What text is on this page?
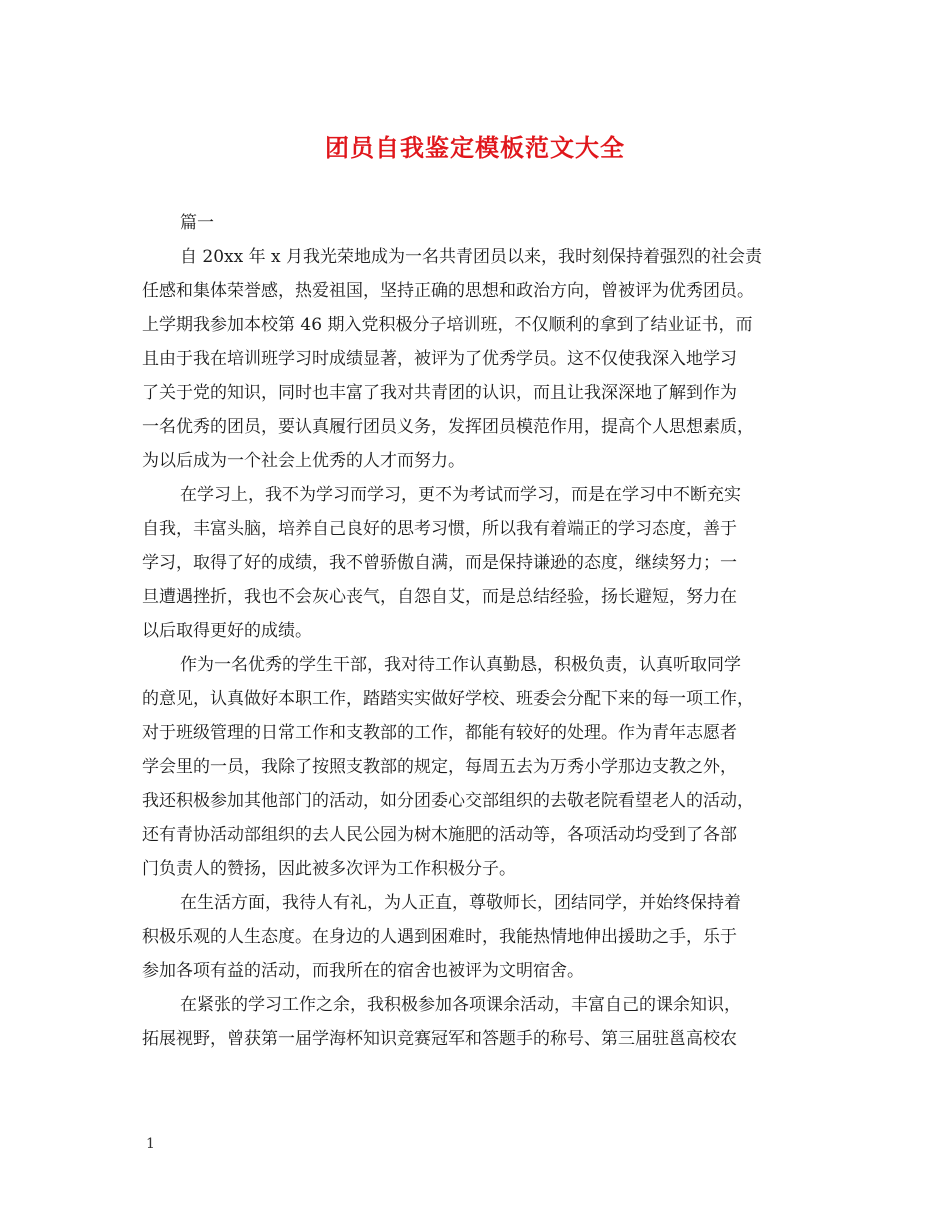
团员自我鉴定模板范文大全
篇一
自 20xx 年 x 月我光荣地成为一名共青团员以来，我时刻保持着强烈的社会责
任感和集体荣誉感，热爱祖国，坚持正确的思想和政治方向，曾被评为优秀团员。
上学期我参加本校第 46 期入党积极分子培训班，不仅顺利的拿到了结业证书，而
且由于我在培训班学习时成绩显著，被评为了优秀学员。这不仅使我深入地学习
了关于党的知识，同时也丰富了我对共青团的认识，而且让我深深地了解到作为
一名优秀的团员，要认真履行团员义务，发挥团员模范作用，提高个人思想素质，
为以后成为一个社会上优秀的人才而努力。
在学习上，我不为学习而学习，更不为考试而学习，而是在学习中不断充实
自我，丰富头脑，培养自己良好的思考习惯，所以我有着端正的学习态度，善于
学习，取得了好的成绩，我不曾骄傲自满，而是保持谦逊的态度，继续努力；一
旦遭遇挫折，我也不会灰心丧气，自怨自艾，而是总结经验，扬长避短，努力在
以后取得更好的成绩。
作为一名优秀的学生干部，我对待工作认真勤恳，积极负责，认真听取同学
的意见，认真做好本职工作，踏踏实实做好学校、班委会分配下来的每一项工作，
对于班级管理的日常工作和支教部的工作，都能有较好的处理。作为青年志愿者
学会里的一员，我除了按照支教部的规定，每周五去为万秀小学那边支教之外，
我还积极参加其他部门的活动，如分团委心交部组织的去敬老院看望老人的活动，
还有青协活动部组织的去人民公园为树木施肥的活动等，各项活动均受到了各部
门负责人的赞扬，因此被多次评为工作积极分子。
在生活方面，我待人有礼，为人正直，尊敬师长，团结同学，并始终保持着
积极乐观的人生态度。在身边的人遇到困难时，我能热情地伸出援助之手，乐于
参加各项有益的活动，而我所在的宿舍也被评为文明宿舍。
在紧张的学习工作之余，我积极参加各项课余活动，丰富自己的课余知识，
拓展视野，曾获第一届学海杯知识竞赛冠军和答题手的称号、第三届驻邕高校农
1
